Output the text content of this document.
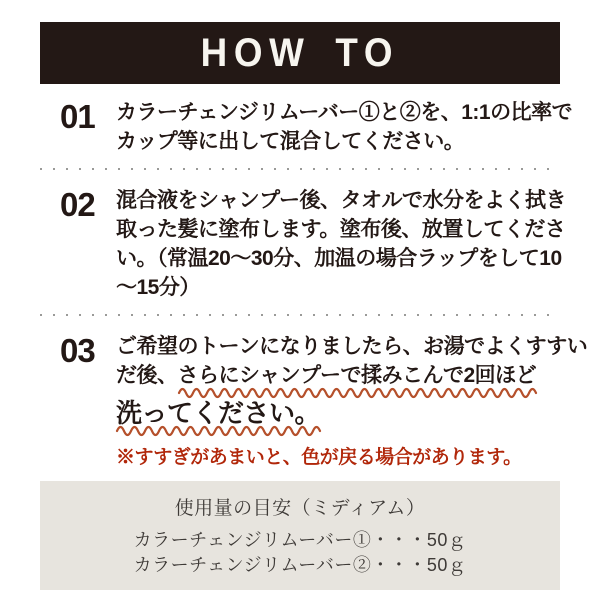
HOW TO
01	カラーチェンジリムーバー①と②を、1:1の比率で
カップ等に出して混合してください。
02	混合液をシャンプー後、タオルで水分をよく拭き
取った髪に塗布します。塗布後、放置してくださ
い。（常温20〜30分、加温の場合ラップをして10
〜15分）
03	ご希望のトーンになりましたら、お湯でよくすすい
だ後、さらにシャンプーで揉みこんで2回ほど
洗ってください。
※すすぎがあまいと、色が戻る場合があります。
使用量の目安（ミディアム）
カラーチェンジリムーバー①・・・50ｇ
カラーチェンジリムーバー②・・・50ｇ
